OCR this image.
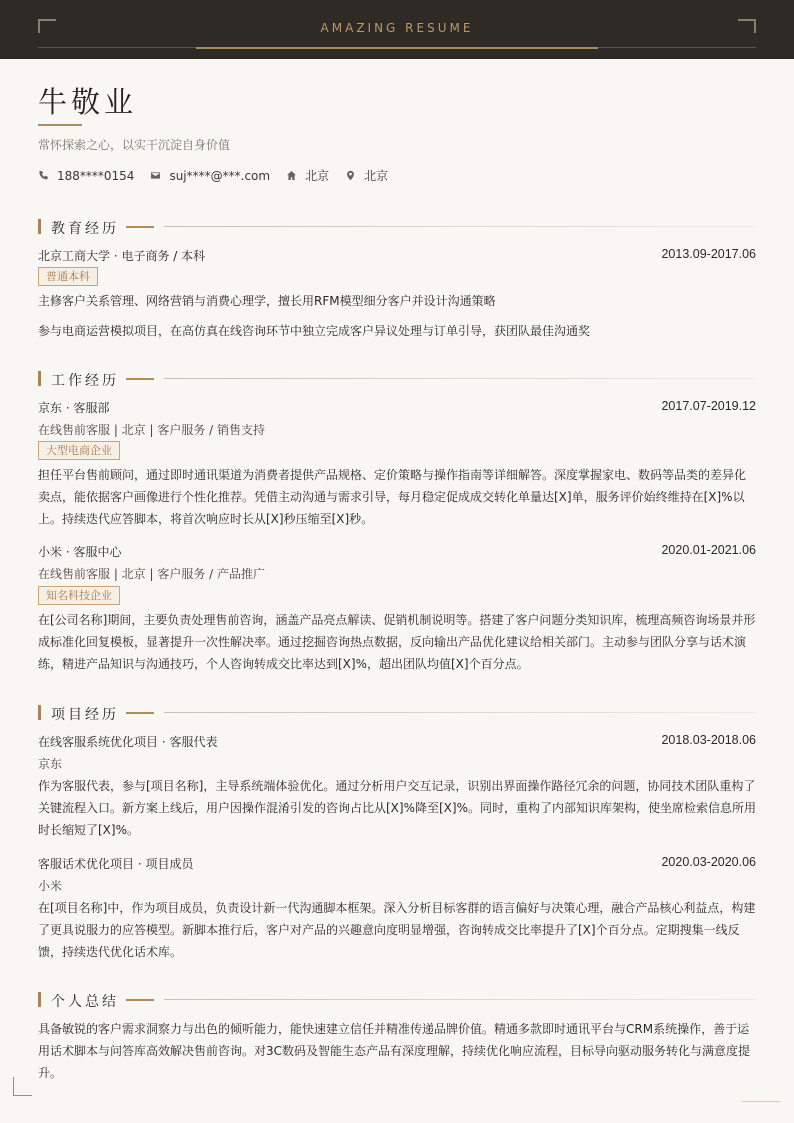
AMAZING RESUME
牛敬业
常怀探索之心，以实干沉淀自身价值
188****0154	suj****@***.com	北京	北京
教育经历
北京工商大学 · 电子商务 / 本科	2013.09-2017.06
普通本科
主修客户关系管理、网络营销与消费心理学，擅长用RFM模型细分客户并设计沟通策略
参与电商运营模拟项目，在高仿真在线咨询环节中独立完成客户异议处理与订单引导，获团队最佳沟通奖
工作经历
京东 · 客服部	2017.07-2019.12
在线售前客服 | 北京 | 客户服务 / 销售支持
大型电商企业
担任平台售前顾问，通过即时通讯渠道为消费者提供产品规格、定价策略与操作指南等详细解答。深度掌握家电、数码等品类的差异化卖点，能依据客户画像进行个性化推荐。凭借主动沟通与需求引导，每月稳定促成成交转化单量达[X]单，服务评价始终维持在[X]%以上。持续迭代应答脚本，将首次响应时长从[X]秒压缩至[X]秒。
小米 · 客服中心	2020.01-2021.06
在线售前客服 | 北京 | 客户服务 / 产品推广
知名科技企业
在[公司名称]期间，主要负责处理售前咨询，涵盖产品亮点解读、促销机制说明等。搭建了客户问题分类知识库，梳理高频咨询场景并形成标准化回复模板，显著提升一次性解决率。通过挖掘咨询热点数据，反向输出产品优化建议给相关部门。主动参与团队分享与话术演练，精进产品知识与沟通技巧，个人咨询转成交比率达到[X]%，超出团队均值[X]个百分点。
项目经历
在线客服系统优化项目 · 客服代表	2018.03-2018.06
京东
作为客服代表，参与[项目名称]，主导系统端体验优化。通过分析用户交互记录，识别出界面操作路径冗余的问题，协同技术团队重构了关键流程入口。新方案上线后，用户因操作混淆引发的咨询占比从[X]%降至[X]%。同时，重构了内部知识库架构，使坐席检索信息所用时长缩短了[X]%。
客服话术优化项目 · 项目成员	2020.03-2020.06
小米
在[项目名称]中，作为项目成员，负责设计新一代沟通脚本框架。深入分析目标客群的语言偏好与决策心理，融合产品核心利益点，构建了更具说服力的应答模型。新脚本推行后，客户对产品的兴趣意向度明显增强，咨询转成交比率提升了[X]个百分点。定期搜集一线反馈，持续迭代优化话术库。
个人总结
具备敏锐的客户需求洞察力与出色的倾听能力，能快速建立信任并精准传递品牌价值。精通多款即时通讯平台与CRM系统操作，善于运用话术脚本与问答库高效解决售前咨询。对3C数码及智能生态产品有深度理解，持续优化响应流程，目标导向驱动服务转化与满意度提升。
